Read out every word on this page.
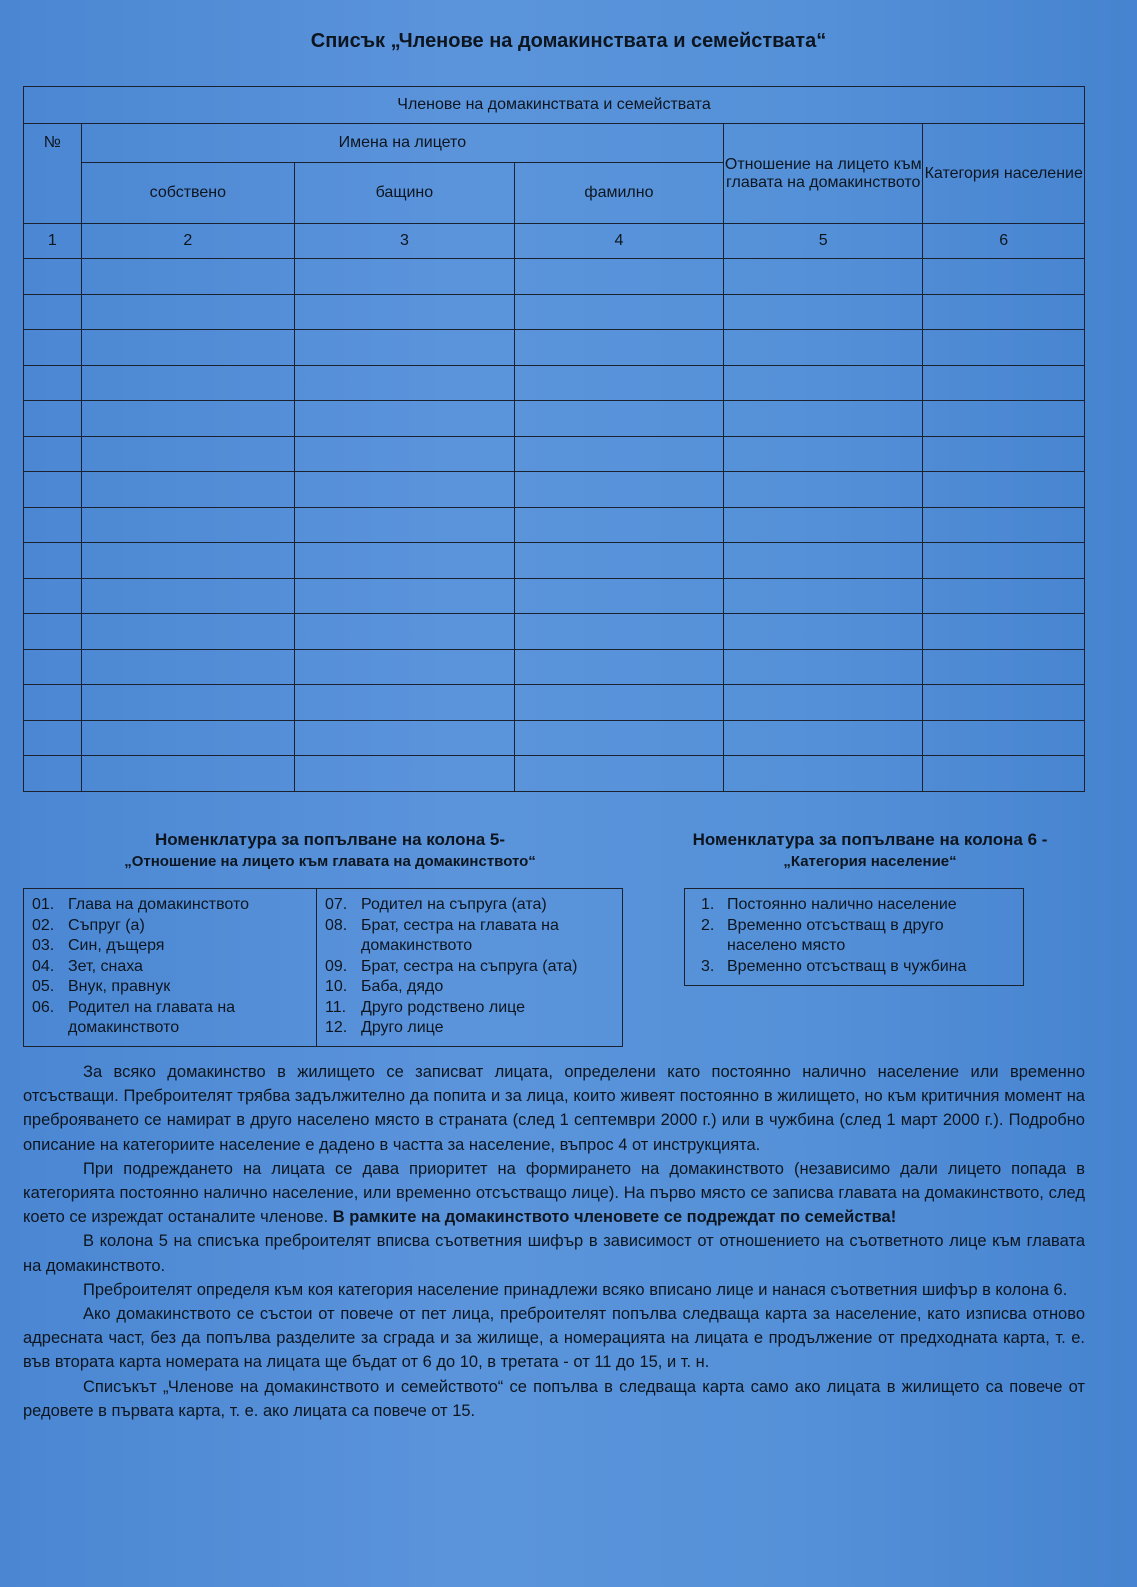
Списък „Членове на домакинствата и семействата“
Членове на домакинствата и семействата					
№	Имена на лицето			Отношение на лицето към главата на домакинството	Категория население
	собствено	бащино	фамилно		
1	2	3	4	5	6

Номенклатура за попълване на колона 5-
„Отношение на лицето към главата на домакинството“
Номенклатура за попълване на колона 6 -
„Категория население“
01. Глава на домакинството
02. Съпруг (а)
03. Син, дъщеря
04. Зет, снаха
05. Внук, правнук
06. Родител на главата на домакинството
07. Родител на съпруга (ата)
08. Брат, сестра на главата на домакинството
09. Брат, сестра на съпруга (ата)
10. Баба, дядо
11. Друго родствено лице
12. Друго лице
1. Постоянно налично население
2. Временно отсъстващ в друго населено място
3. Временно отсъстващ в чужбина

За всяко домакинство в жилището се записват лицата, определени като постоянно налично население или временно отсъстващи. Преброителят трябва задължително да попита и за лица, които живеят постоянно в жилището, но към критичния момент на преброяването се намират в друго населено място в страната (след 1 септември 2000 г.) или в чужбина (след 1 март 2000 г.). Подробно описание на категориите население е дадено в частта за население, въпрос 4 от инструкцията.

При подреждането на лицата се дава приоритет на формирането на домакинството (независимо дали лицето попада в категорията постоянно налично население, или временно отсъстващо лице). На първо място се записва главата на домакинството, след което се изреждат останалите членове. В рамките на домакинството членовете се подреждат по семейства!

В колона 5 на списъка преброителят вписва съответния шифър в зависимост от отношението на съответното лице към главата на домакинството.

Преброителят определя към коя категория население принадлежи всяко вписано лице и нанася съответния шифър в колона 6.

Ако домакинството се състои от повече от пет лица, преброителят попълва следваща карта за население, като изписва отново адресната част, без да попълва разделите за сграда и за жилище, а номерацията на лицата е продължение от предходната карта, т. е. във втората карта номерата на лицата ще бъдат от 6 до 10, в третата - от 11 до 15, и т. н.

Списъкът „Членове на домакинството и семейството“ се попълва в следваща карта само ако лицата в жилището са повече от редовете в първата карта, т. е. ако лицата са повече от 15.
